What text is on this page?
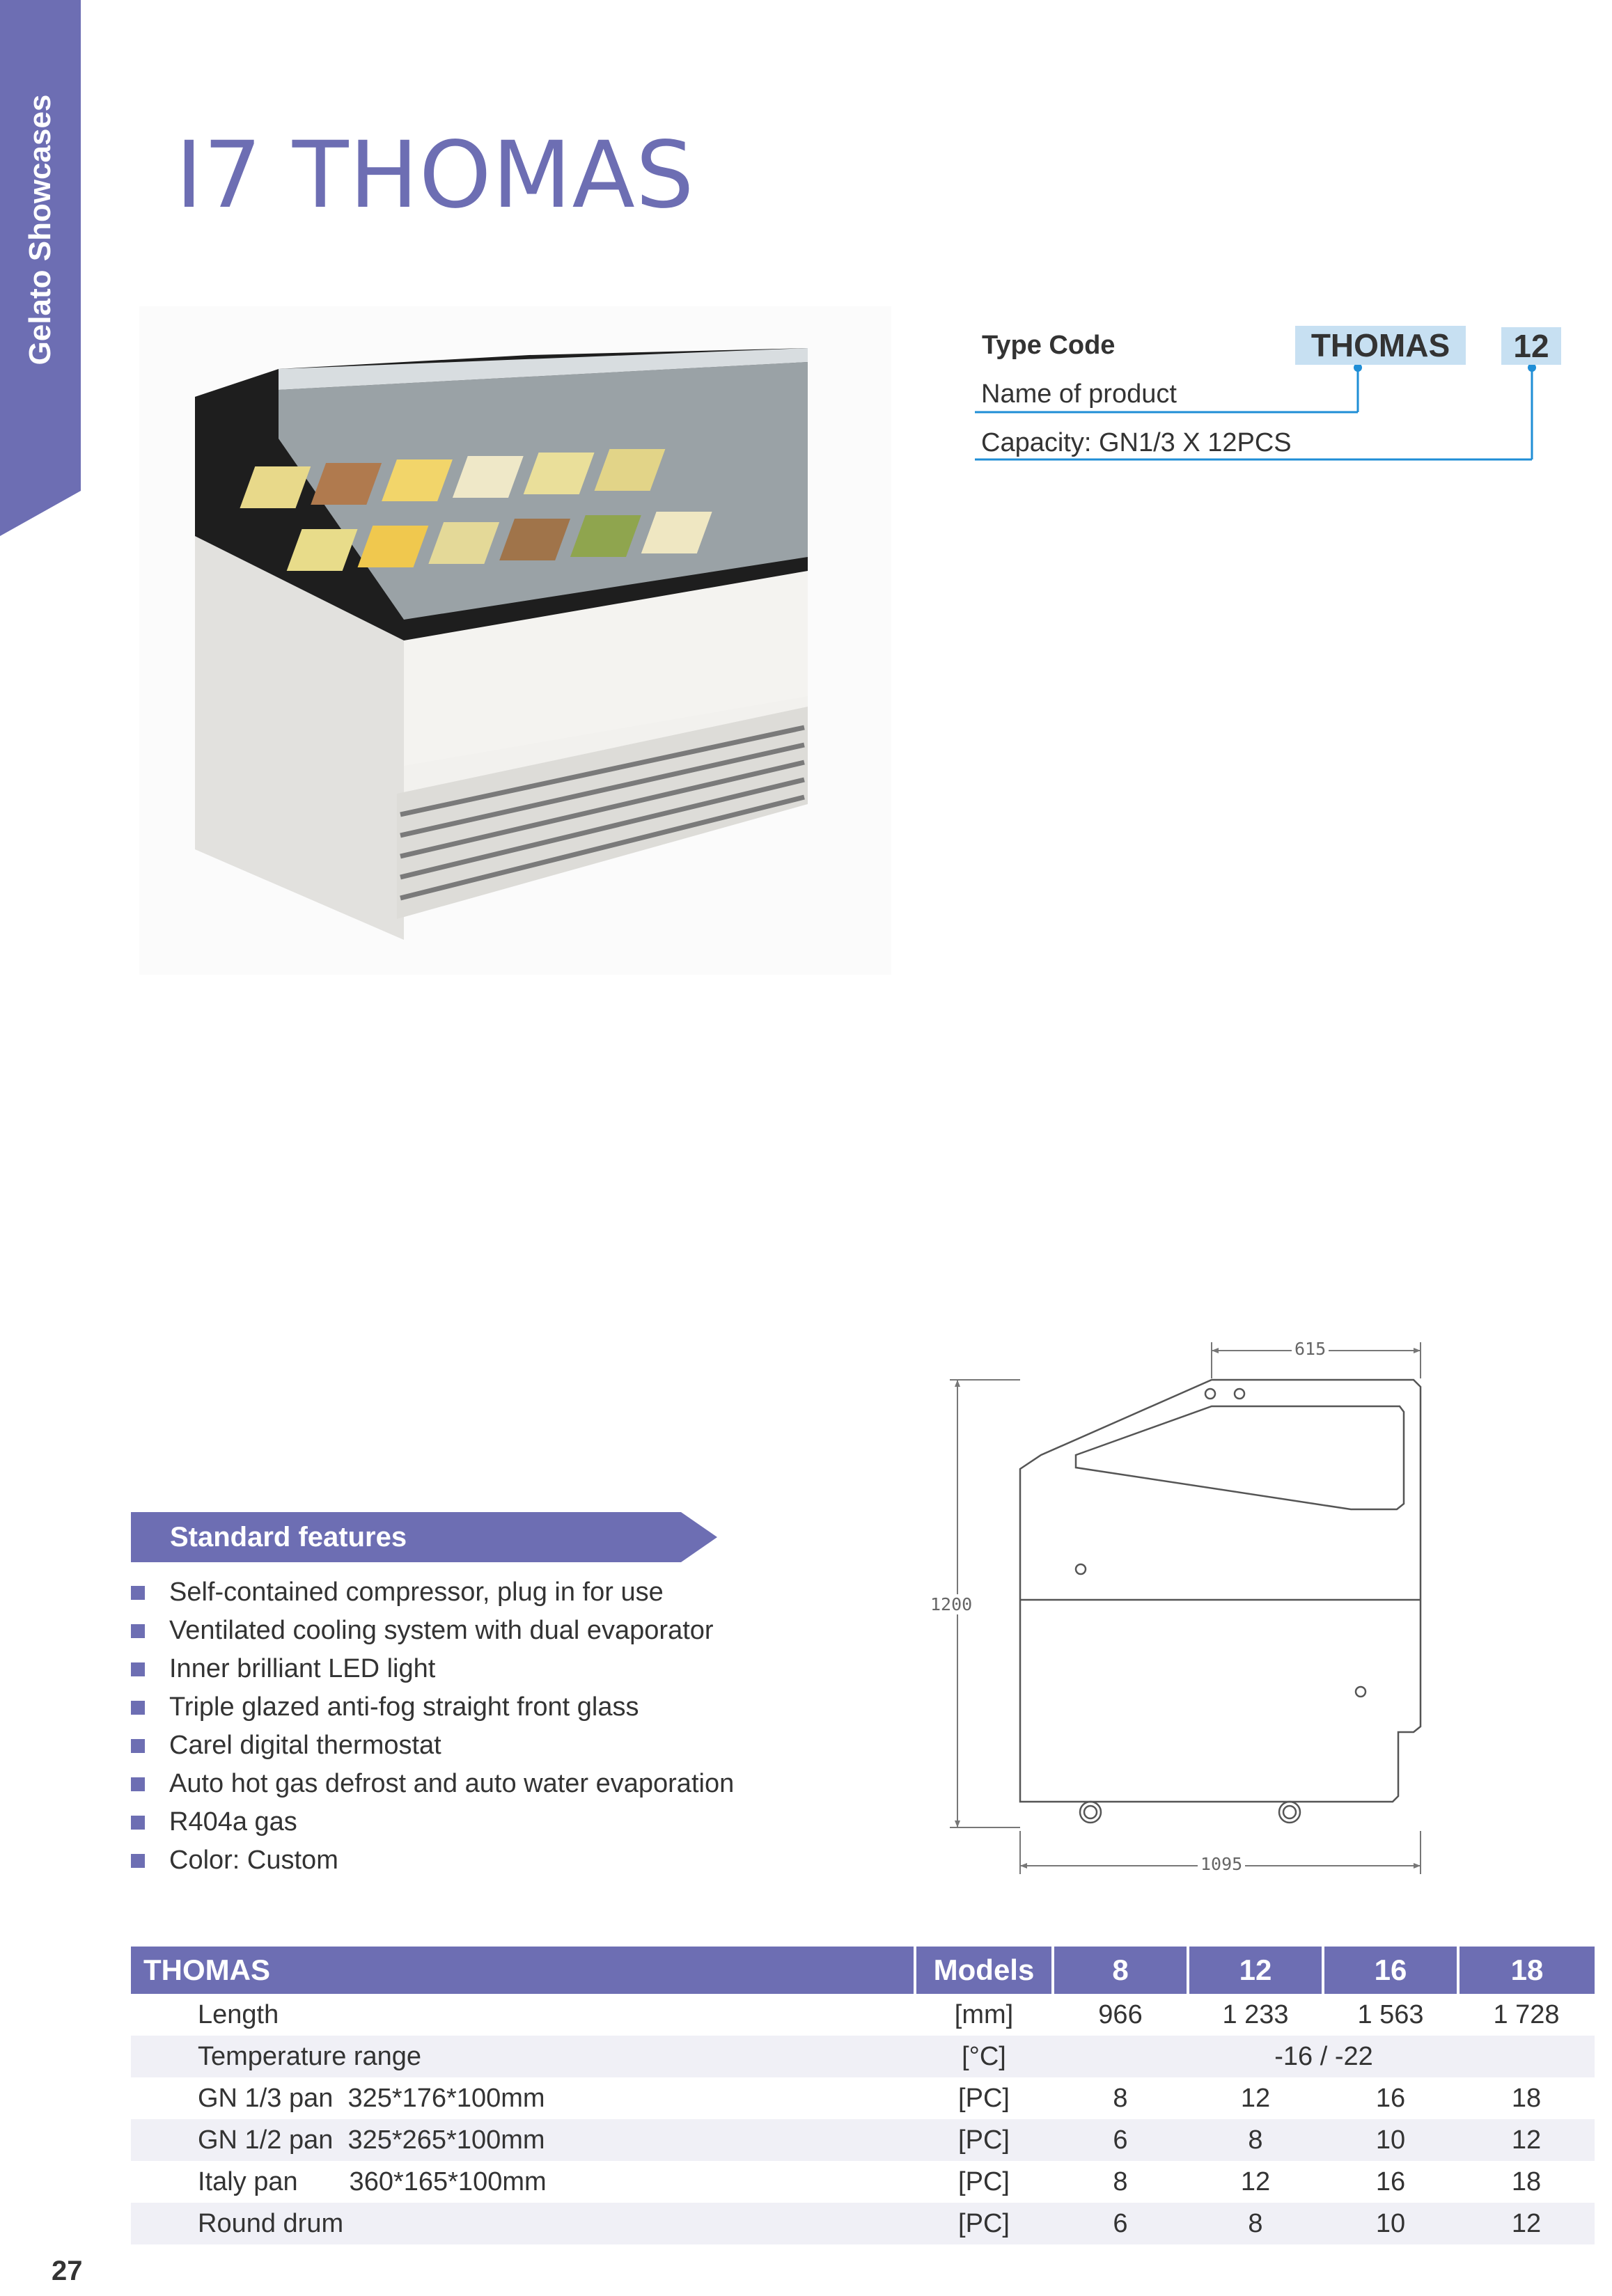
Gelato Showcases I7 THOMAS
Type Code	THOMAS	12
Name of product
Capacity: GN1/3 X 12PCS
Standard features
Self-contained compressor, plug in for use
Ventilated cooling system with dual evaporator
Inner brilliant LED light
Triple glazed anti-fog straight front glass
Carel digital thermostat
Auto hot gas defrost and auto water evaporation
R404a gas
Color: Custom
615
1200
1095
THOMAS	Models	8	12	16	18
Length	[mm]	966	1 233	1 563	1 728
Temperature range	[°C]	-16 / -22			
GN 1/3 pan  325*176*100mm	[PC]	8	12	16	18
GN 1/2 pan  325*265*100mm	[PC]	6	8	10	12
Italy pan       360*165*100mm	[PC]	8	12	16	18
Round drum	[PC]	6	8	10	12
27
